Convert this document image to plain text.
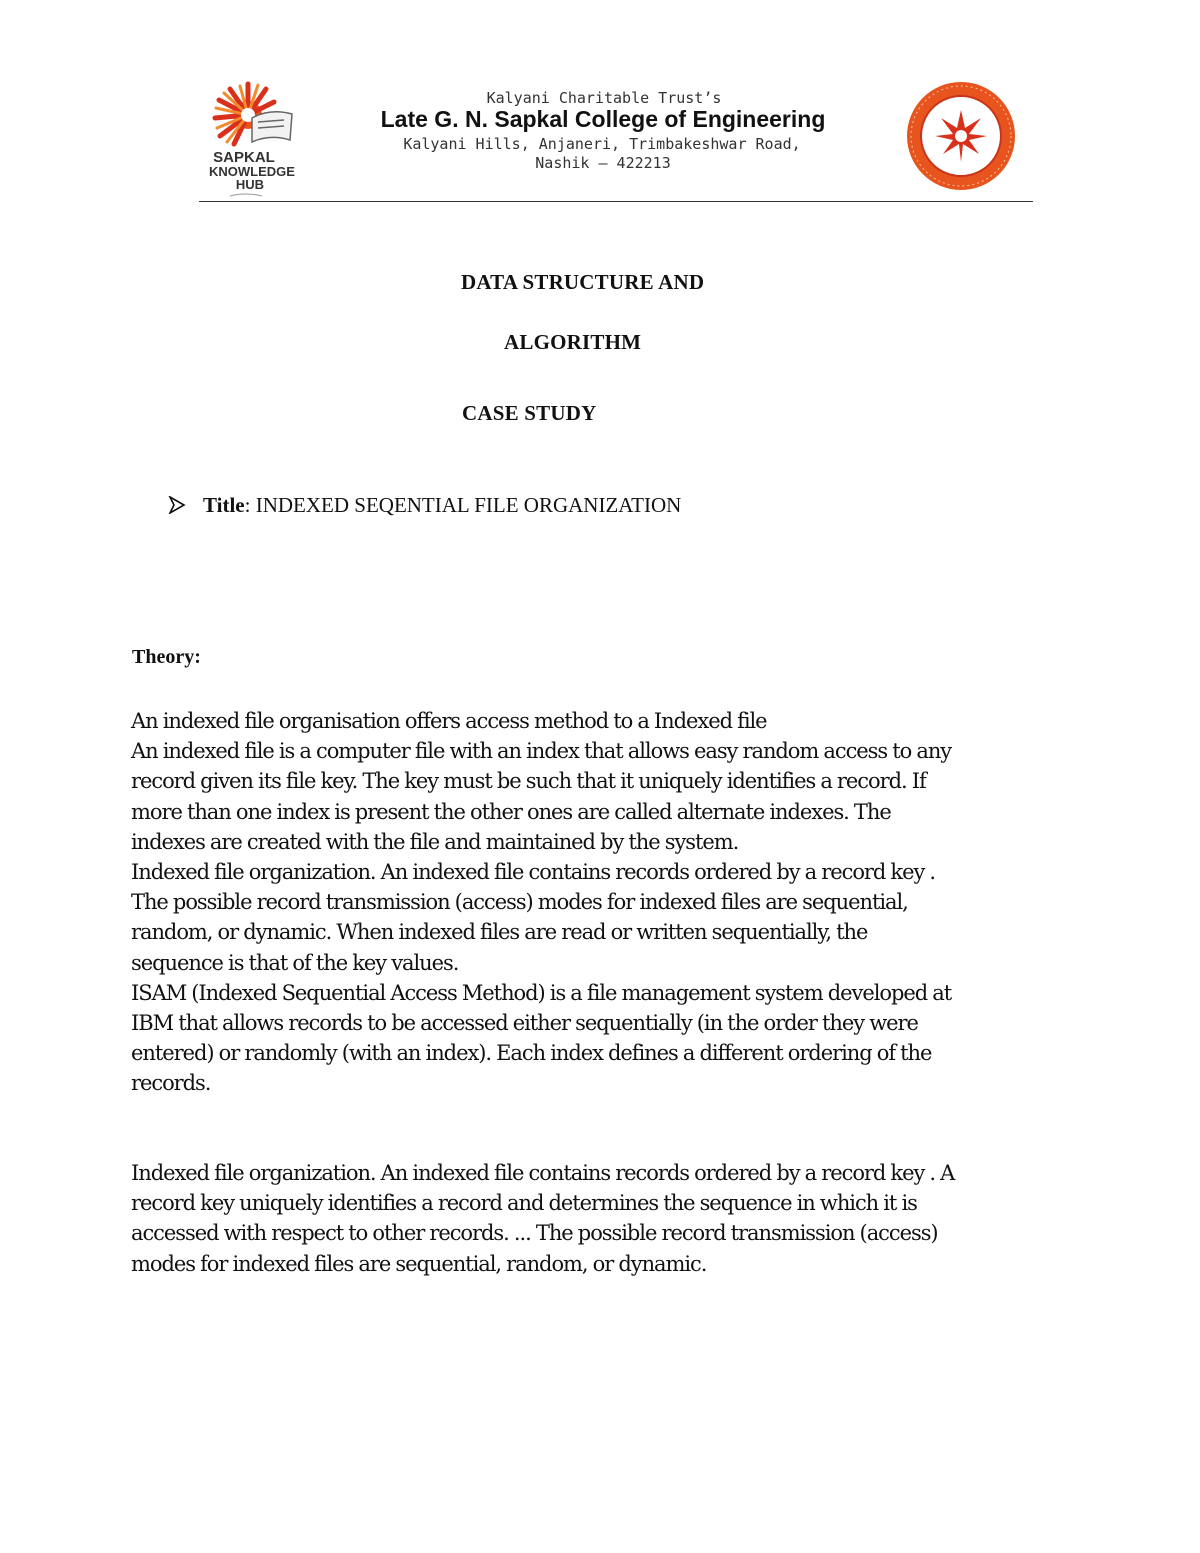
SAPKAL
KNOWLEDGE
HUB
Kalyani Charitable Trust’s
Late G. N. Sapkal College of Engineering
Kalyani Hills, Anjaneri, Trimbakeshwar Road,
Nashik – 422213
DATA STRUCTURE AND
ALGORITHM
CASE STUDY
Title: INDEXED SEQENTIAL FILE ORGANIZATION
Theory:
An indexed file organisation offers access method to a Indexed file
An indexed file is a computer file with an index that allows easy random access to any
record given its file key. The key must be such that it uniquely identifies a record. If
more than one index is present the other ones are called alternate indexes. The
indexes are created with the file and maintained by the system.
Indexed file organization. An indexed file contains records ordered by a record key .
The possible record transmission (access) modes for indexed files are sequential,
random, or dynamic. When indexed files are read or written sequentially, the
sequence is that of the key values.
ISAM (Indexed Sequential Access Method) is a file management system developed at
IBM that allows records to be accessed either sequentially (in the order they were
entered) or randomly (with an index). Each index defines a different ordering of the
records.
Indexed file organization. An indexed file contains records ordered by a record key . A
record key uniquely identifies a record and determines the sequence in which it is
accessed with respect to other records. ... The possible record transmission (access)
modes for indexed files are sequential, random, or dynamic.
